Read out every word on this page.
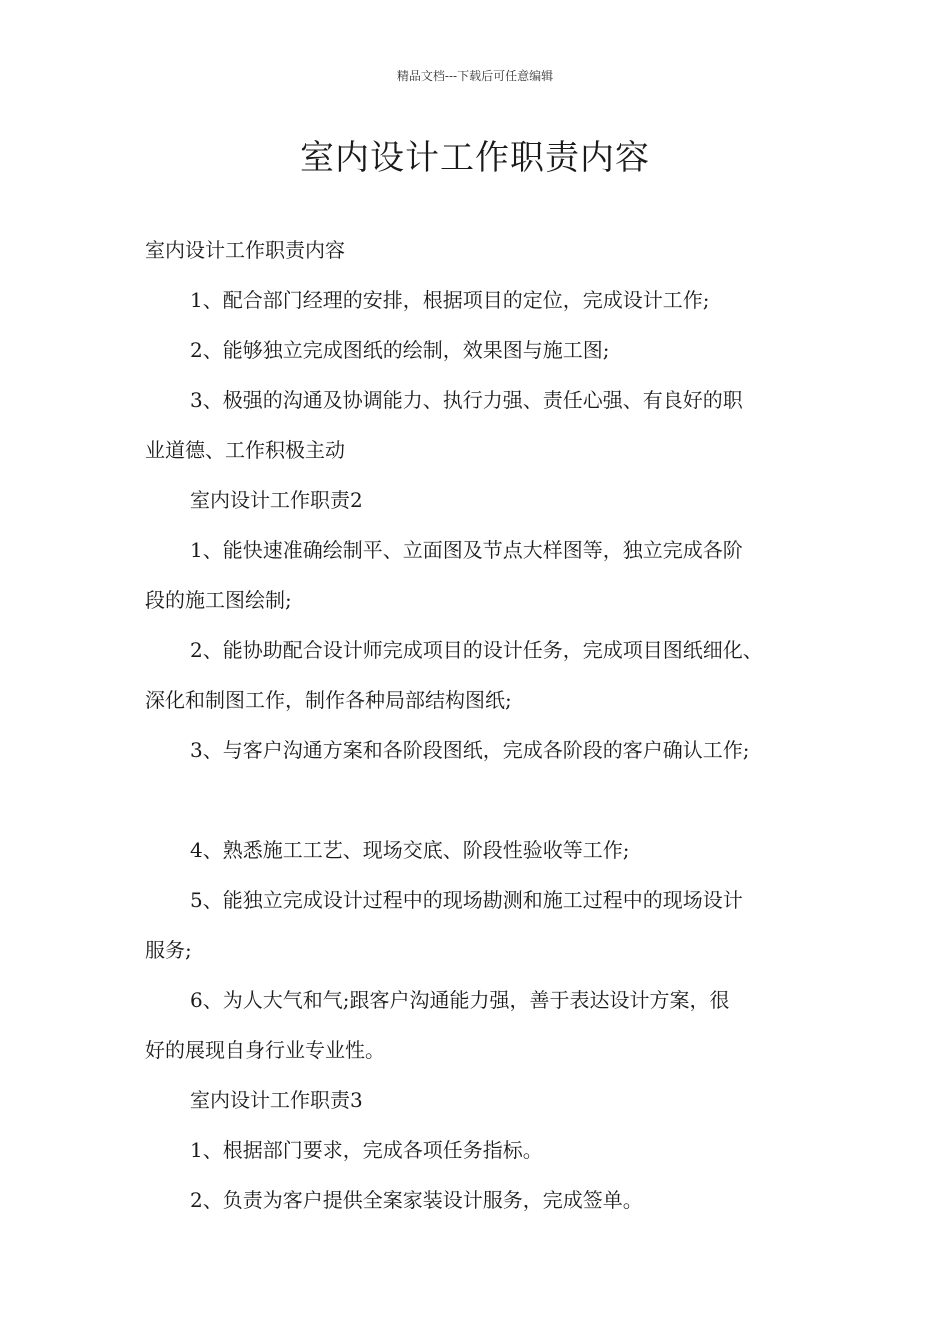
精品文档---下载后可任意编辑
室内设计工作职责内容
室内设计工作职责内容
1、配合部门经理的安排，根据项目的定位，完成设计工作;
2、能够独立完成图纸的绘制，效果图与施工图;
3、极强的沟通及协调能力、执行力强、责任心强、有良好的职
业道德、工作积极主动
室内设计工作职责2
1、能快速准确绘制平、立面图及节点大样图等，独立完成各阶
段的施工图绘制;
2、能协助配合设计师完成项目的设计任务，完成项目图纸细化、
深化和制图工作，制作各种局部结构图纸;
3、与客户沟通方案和各阶段图纸，完成各阶段的客户确认工作;
4、熟悉施工工艺、现场交底、阶段性验收等工作;
5、能独立完成设计过程中的现场勘测和施工过程中的现场设计
服务;
6、为人大气和气;跟客户沟通能力强，善于表达设计方案，很
好的展现自身行业专业性。
室内设计工作职责3
1、根据部门要求，完成各项任务指标。
2、负责为客户提供全案家装设计服务，完成签单。
